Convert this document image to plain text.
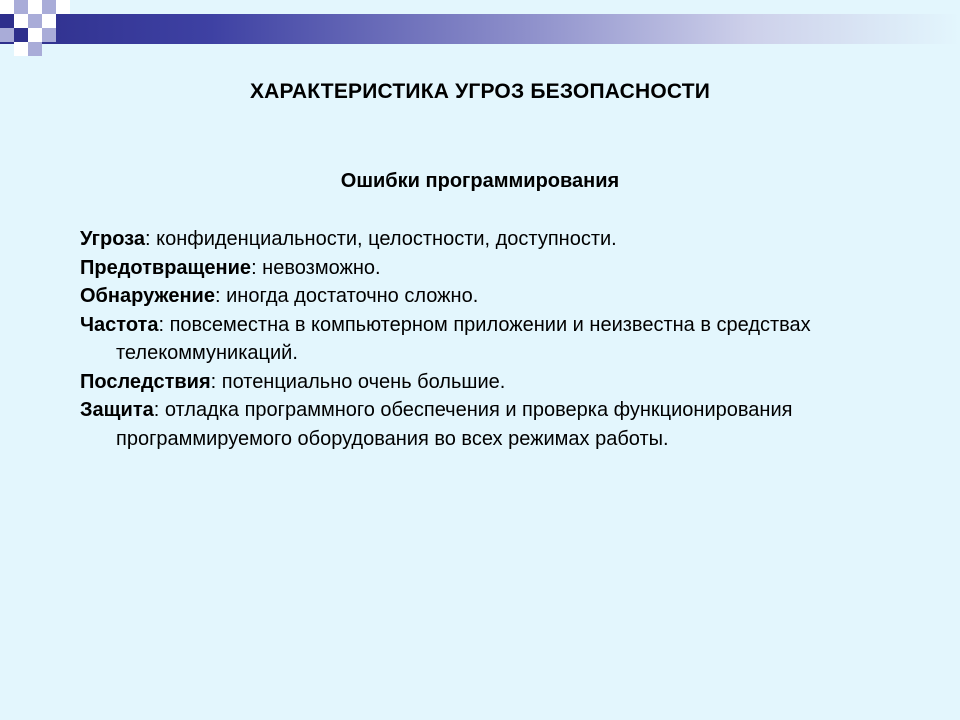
ХАРАКТЕРИСТИКА УГРОЗ БЕЗОПАСНОСТИ
Ошибки программирования
Угроза: конфиденциальности, целостности, доступности.
Предотвращение: невозможно.
Обнаружение: иногда достаточно сложно.
Частота: повсеместна в компьютерном приложении и неизвестна в средствах телекоммуникаций.
Последствия: потенциально очень большие.
Защита: отладка программного обеспечения и проверка функционирования программируемого оборудования во всех режимах работы.
